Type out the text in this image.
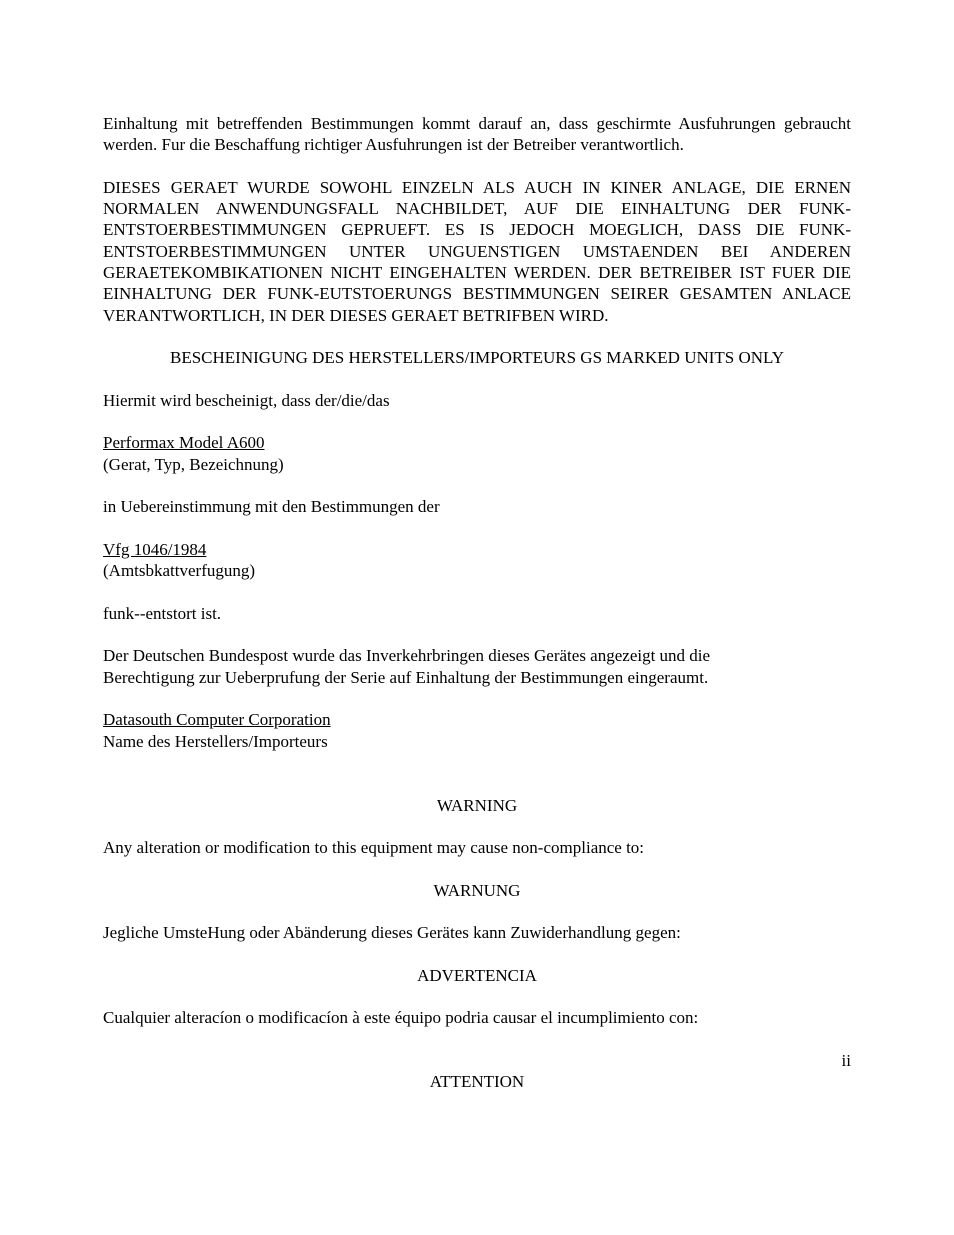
Einhaltung mit betreffenden Bestimmungen kommt darauf an, dass geschirmte Ausfuhrungen gebraucht werden. Fur die Beschaffung richtiger Ausfuhrungen ist der Betreiber verantwortlich.

DIESES GERAET WURDE SOWOHL EINZELN ALS AUCH IN KINER ANLAGE, DIE ERNEN NORMALEN ANWENDUNGSFALL NACHBILDET, AUF DIE EINHALTUNG DER FUNK-ENTSTOERBESTIMMUNGEN GEPRUEFT. ES IS JEDOCH MOEGLICH, DASS DIE FUNK-ENTSTOERBESTIMMUNGEN UNTER UNGUENSTIGEN UMSTAENDEN BEI ANDEREN GERAETEKOMBIKATIONEN NICHT EINGEHALTEN WERDEN. DER BETREIBER IST FUER DIE EINHALTUNG DER FUNK-EUTSTOERUNGS BESTIMMUNGEN SEIRER GESAMTEN ANLACE VERANTWORTLICH, IN DER DIESES GERAET BETRIFBEN WIRD.

BESCHEINIGUNG DES HERSTELLERS/IMPORTEURS GS MARKED UNITS ONLY

Hiermit wird bescheinigt, dass der/die/das

Performax Model A600
(Gerat, Typ, Bezeichnung)

in Uebereinstimmung mit den Bestimmungen der

Vfg 1046/1984
(Amtsbkattverfugung)

funk--entstort ist.

Der Deutschen Bundespost wurde das Inverkehrbringen dieses Gerätes angezeigt und die
Berechtigung zur Ueberprufung der Serie auf Einhaltung der Bestimmungen eingeraumt.

Datasouth Computer Corporation
Name des Herstellers/Importeurs

WARNING

Any alteration or modification to this equipment may cause non-compliance to:

WARNUNG

Jegliche UmsteHung oder Abänderung dieses Gerätes kann Zuwiderhandlung gegen:

ADVERTENCIA

Cualquier alteracíon o modificacíon à este équipo podria causar el incumplimiento con:

ii

ATTENTION
